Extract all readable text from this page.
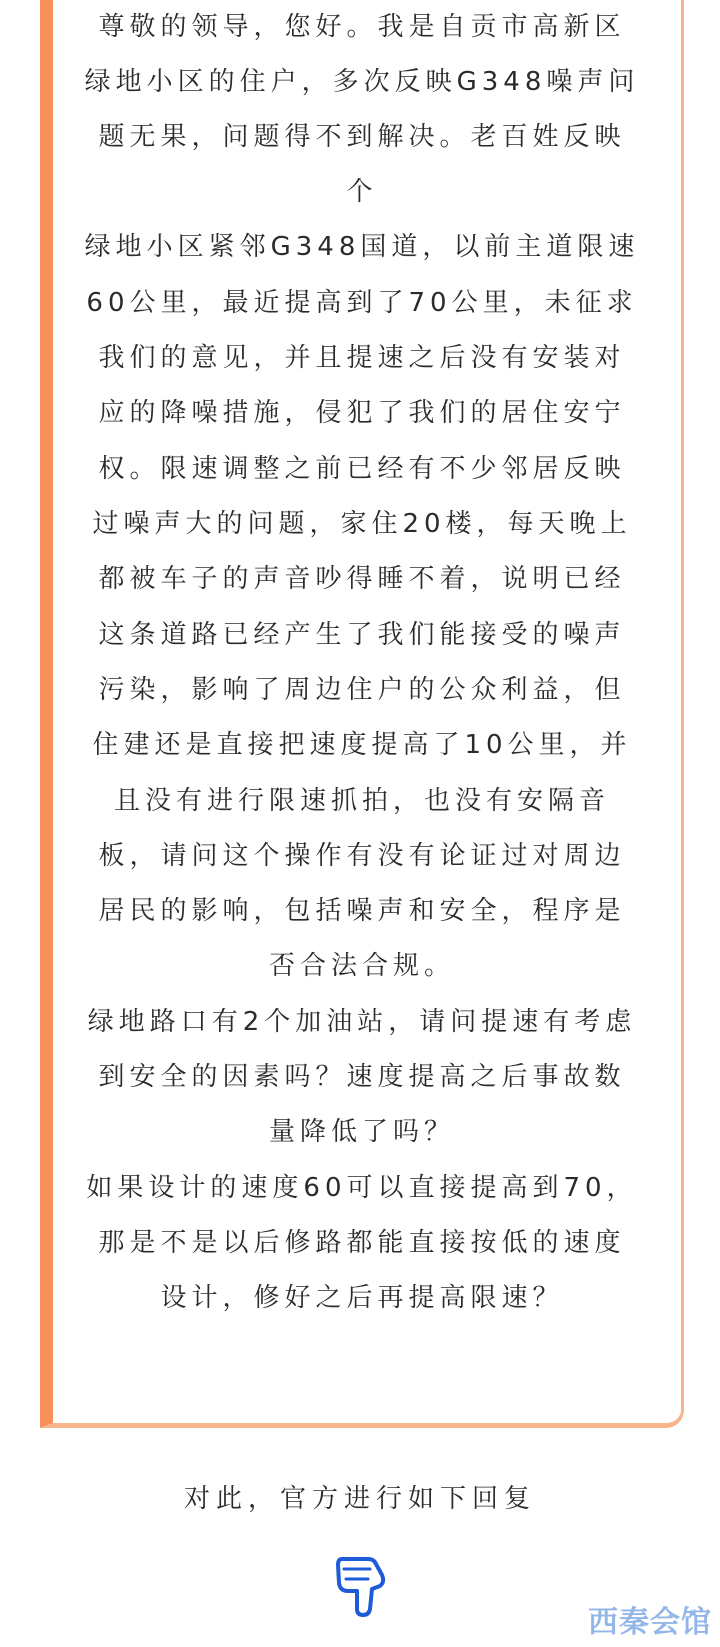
尊敬的领导，您好。我是自贡市高新区
绿地小区的住户，多次反映G348噪声问
题无果，问题得不到解决。老百姓反映
个
绿地小区紧邻G348国道，以前主道限速
60公里，最近提高到了70公里，未征求
我们的意见，并且提速之后没有安装对
应的降噪措施，侵犯了我们的居住安宁
权。限速调整之前已经有不少邻居反映
过噪声大的问题，家住20楼，每天晚上
都被车子的声音吵得睡不着，说明已经
这条道路已经产生了我们能接受的噪声
污染，影响了周边住户的公众利益，但
住建还是直接把速度提高了10公里，并
且没有进行限速抓拍，也没有安隔音
板，请问这个操作有没有论证过对周边
居民的影响，包括噪声和安全，程序是
否合法合规。
绿地路口有2个加油站，请问提速有考虑
到安全的因素吗？速度提高之后事故数
量降低了吗？
如果设计的速度60可以直接提高到70，
那是不是以后修路都能直接按低的速度
设计，修好之后再提高限速？
对此，官方进行如下回复
西秦会馆
